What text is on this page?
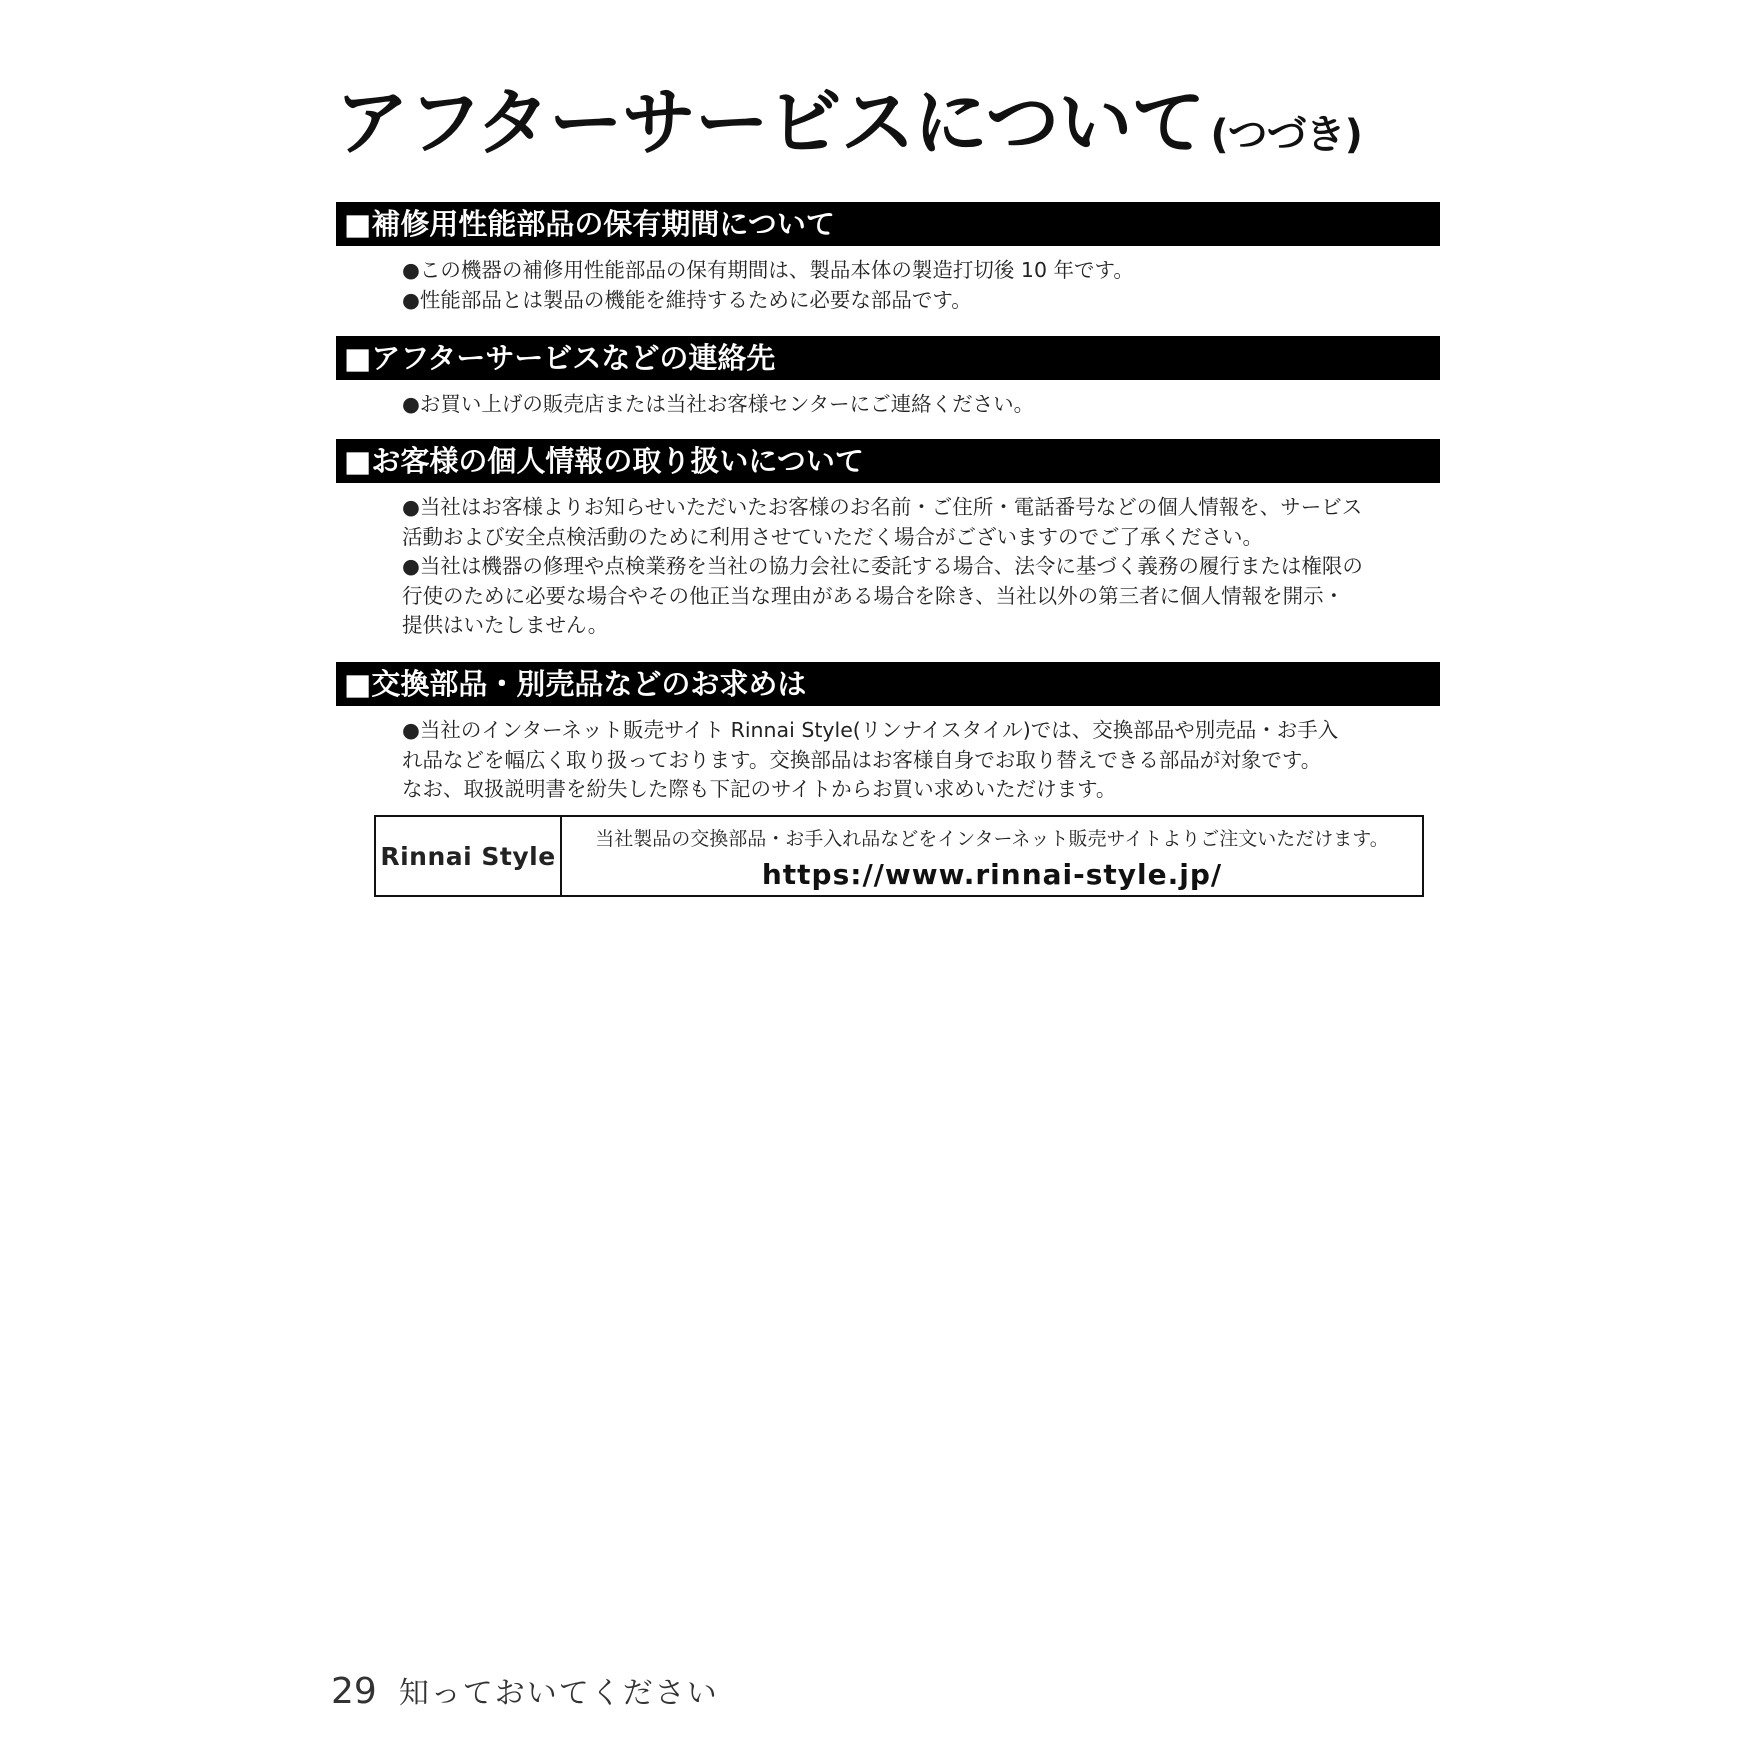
アフターサービスについて (つづき)
■補修用性能部品の保有期間について
●この機器の補修用性能部品の保有期間は、製品本体の製造打切後 10 年です。
●性能部品とは製品の機能を維持するために必要な部品です。
■アフターサービスなどの連絡先
●お買い上げの販売店または当社お客様センターにご連絡ください。
■お客様の個人情報の取り扱いについて
●当社はお客様よりお知らせいただいたお客様のお名前・ご住所・電話番号などの個人情報を、サービス
活動および安全点検活動のために利用させていただく場合がございますのでご了承ください。
●当社は機器の修理や点検業務を当社の協力会社に委託する場合、法令に基づく義務の履行または権限の
行使のために必要な場合やその他正当な理由がある場合を除き、当社以外の第三者に個人情報を開示・
提供はいたしません。
■交換部品・別売品などのお求めは
●当社のインターネット販売サイト Rinnai Style(リンナイスタイル)では、交換部品や別売品・お手入
れ品などを幅広く取り扱っております。交換部品はお客様自身でお取り替えできる部品が対象です。
なお、取扱説明書を紛失した際も下記のサイトからお買い求めいただけます。
Rinnai Style
当社製品の交換部品・お手入れ品などをインターネット販売サイトよりご注文いただけます。
https://www.rinnai-style.jp/
29 知っておいてください
